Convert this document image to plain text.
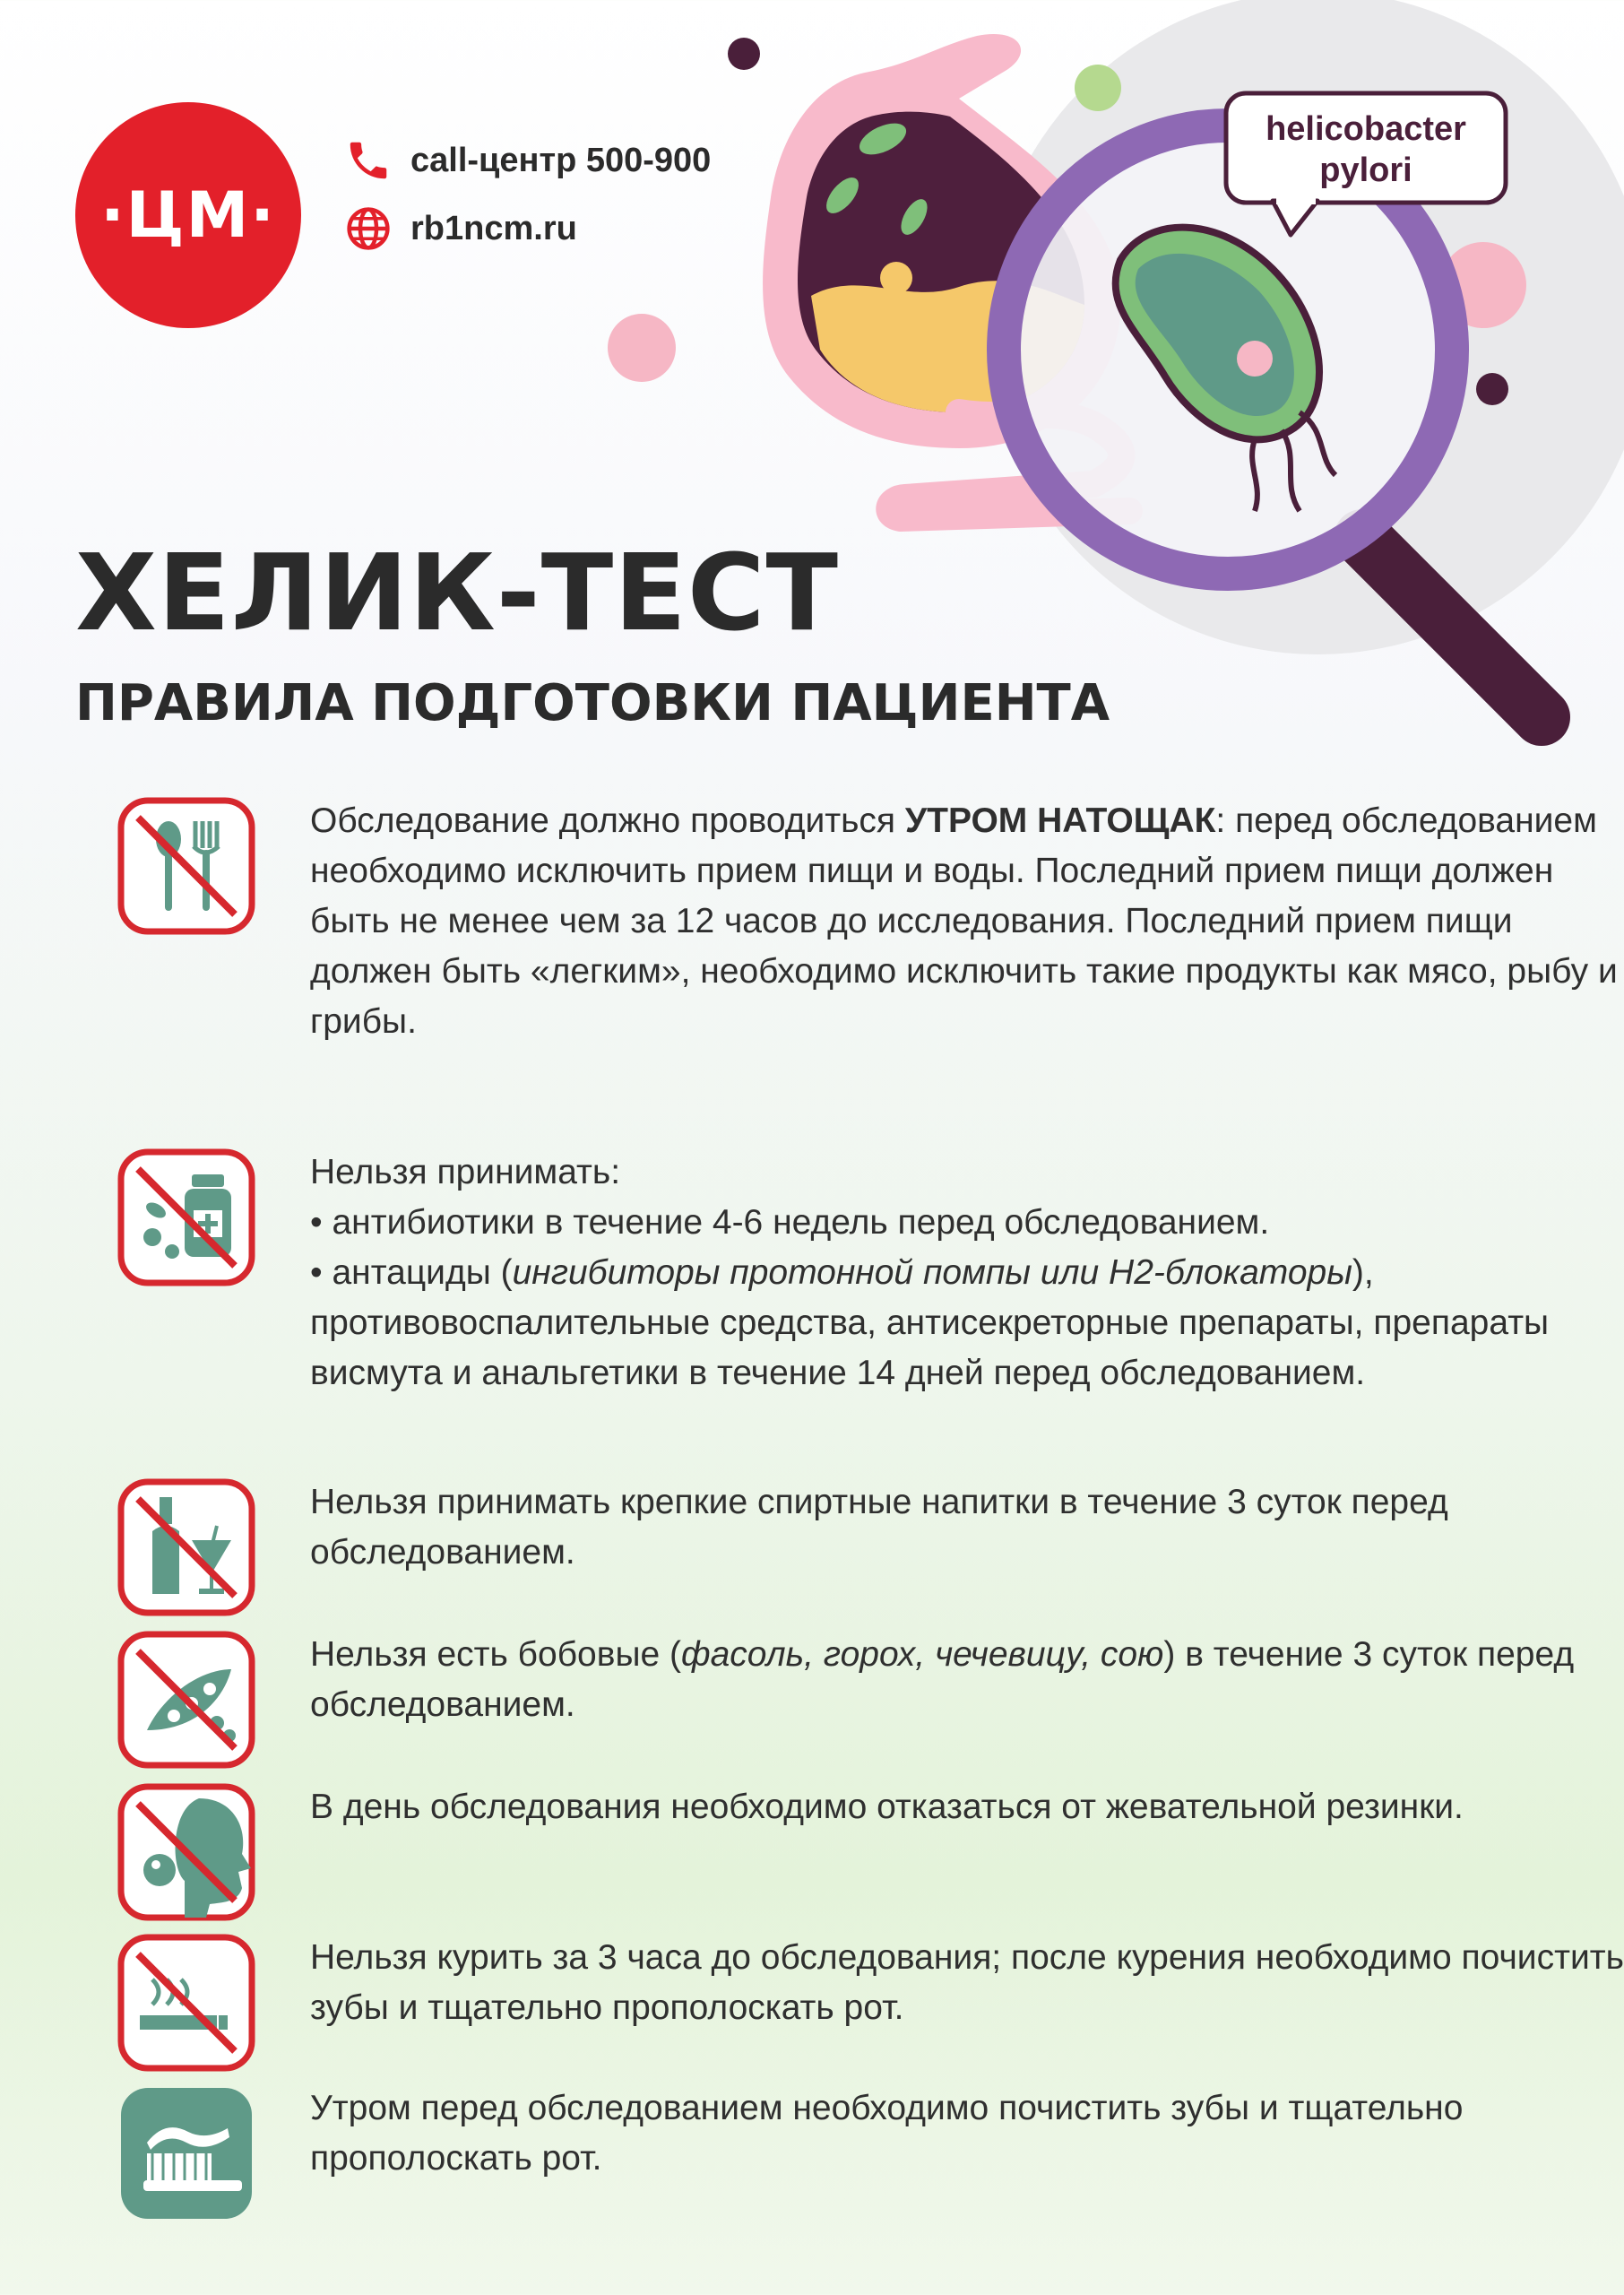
helicobacter
pylori
·ЦМ·
call-центр 500-900
rb1ncm.ru
ХЕЛИК-ТЕСТ
ПРАВИЛА ПОДГОТОВКИ ПАЦИЕНТА

Обследование должно проводиться УТРОМ НАТОЩАК: перед обследованием необходимо исключить прием пищи и воды. Последний прием пищи должен быть не менее чем за 12 часов до исследования. Последний прием пищи должен быть «легким», необходимо исключить такие продукты как мясо, рыбу и грибы.

Нельзя принимать:

• антибиотики в течение 4-6 недель перед обследованием.

• антациды (ингибиторы протонной помпы или Н2-блокаторы), противовоспалительные средства, антисекреторные препараты, препараты висмута и анальгетики в течение 14 дней перед обследованием.

Нельзя принимать крепкие спиртные напитки в течение 3 суток перед обследованием.

Нельзя есть бобовые (фасоль, горох, чечевицу, сою) в течение 3 суток перед обследованием.

В день обследования необходимо отказаться от жевательной резинки.

Нельзя курить за 3 часа до обследования; после курения необходимо почистить зубы и тщательно прополоскать рот.

Утром перед обследованием необходимо почистить зубы и тщательно прополоскать рот.
